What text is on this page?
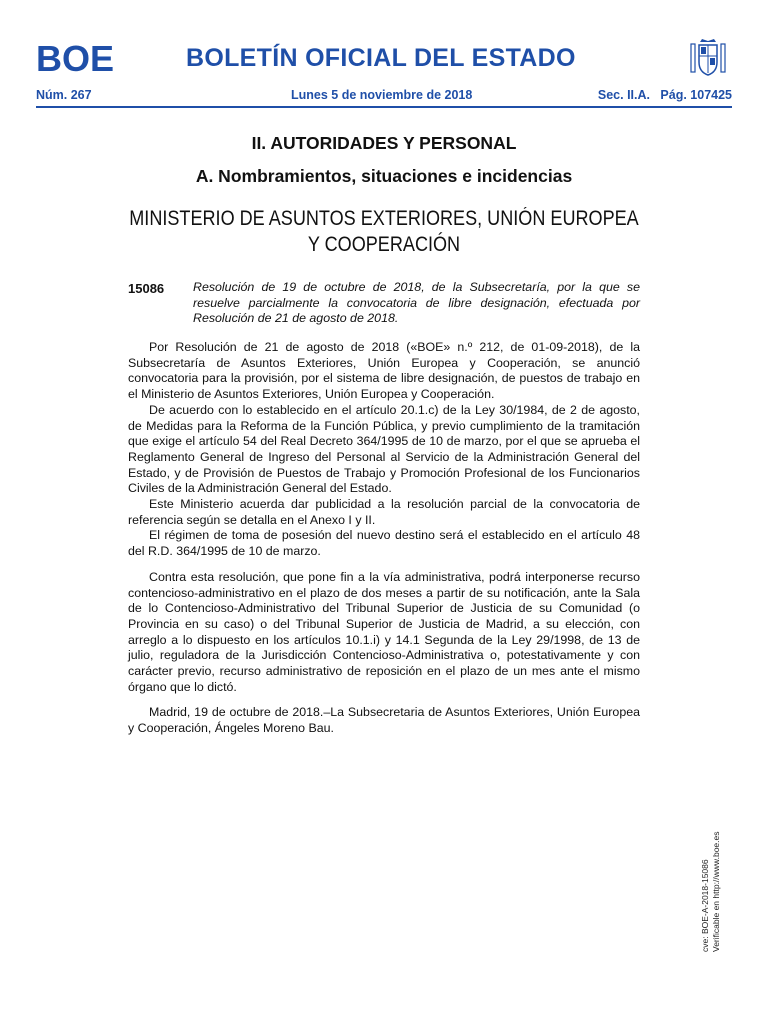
BOE	BOLETÍN OFICIAL DEL ESTADO
Núm. 267	Lunes 5 de noviembre de 2018	Sec. II.A.   Pág. 107425
II. AUTORIDADES Y PERSONAL
A. Nombramientos, situaciones e incidencias
MINISTERIO DE ASUNTOS EXTERIORES, UNIÓN EUROPEA
Y COOPERACIÓN
15086 Resolución de 19 de octubre de 2018, de la Subsecretaría, por la que se resuelve parcialmente la convocatoria de libre designación, efectuada por Resolución de 21 de agosto de 2018.

Por Resolución de 21 de agosto de 2018 («BOE» n.º 212, de 01-09-2018), de la Subsecretaría de Asuntos Exteriores, Unión Europea y Cooperación, se anunció convocatoria para la provisión, por el sistema de libre designación, de puestos de trabajo en el Ministerio de Asuntos Exteriores, Unión Europea y Cooperación.

De acuerdo con lo establecido en el artículo 20.1.c) de la Ley 30/1984, de 2 de agosto, de Medidas para la Reforma de la Función Pública, y previo cumplimiento de la tramitación que exige el artículo 54 del Real Decreto 364/1995 de 10 de marzo, por el que se aprueba el Reglamento General de Ingreso del Personal al Servicio de la Administración General del Estado, y de Provisión de Puestos de Trabajo y Promoción Profesional de los Funcionarios Civiles de la Administración General del Estado.

Este Ministerio acuerda dar publicidad a la resolución parcial de la convocatoria de referencia según se detalla en el Anexo I y II.

El régimen de toma de posesión del nuevo destino será el establecido en el artículo 48 del R.D. 364/1995 de 10 de marzo.

Contra esta resolución, que pone fin a la vía administrativa, podrá interponerse recurso contencioso-administrativo en el plazo de dos meses a partir de su notificación, ante la Sala de lo Contencioso-Administrativo del Tribunal Superior de Justicia de su Comunidad (o Provincia en su caso) o del Tribunal Superior de Justicia de Madrid, a su elección, con arreglo a lo dispuesto en los artículos 10.1.i) y 14.1 Segunda de la Ley 29/1998, de 13 de julio, reguladora de la Jurisdicción Contencioso-Administrativa o, potestativamente y con carácter previo, recurso administrativo de reposición en el plazo de un mes ante el mismo órgano que lo dictó.

Madrid, 19 de octubre de 2018.–La Subsecretaria de Asuntos Exteriores, Unión Europea y Cooperación, Ángeles Moreno Bau.

cve: BOE-A-2018-15086 Verificable en http://www.boe.es
